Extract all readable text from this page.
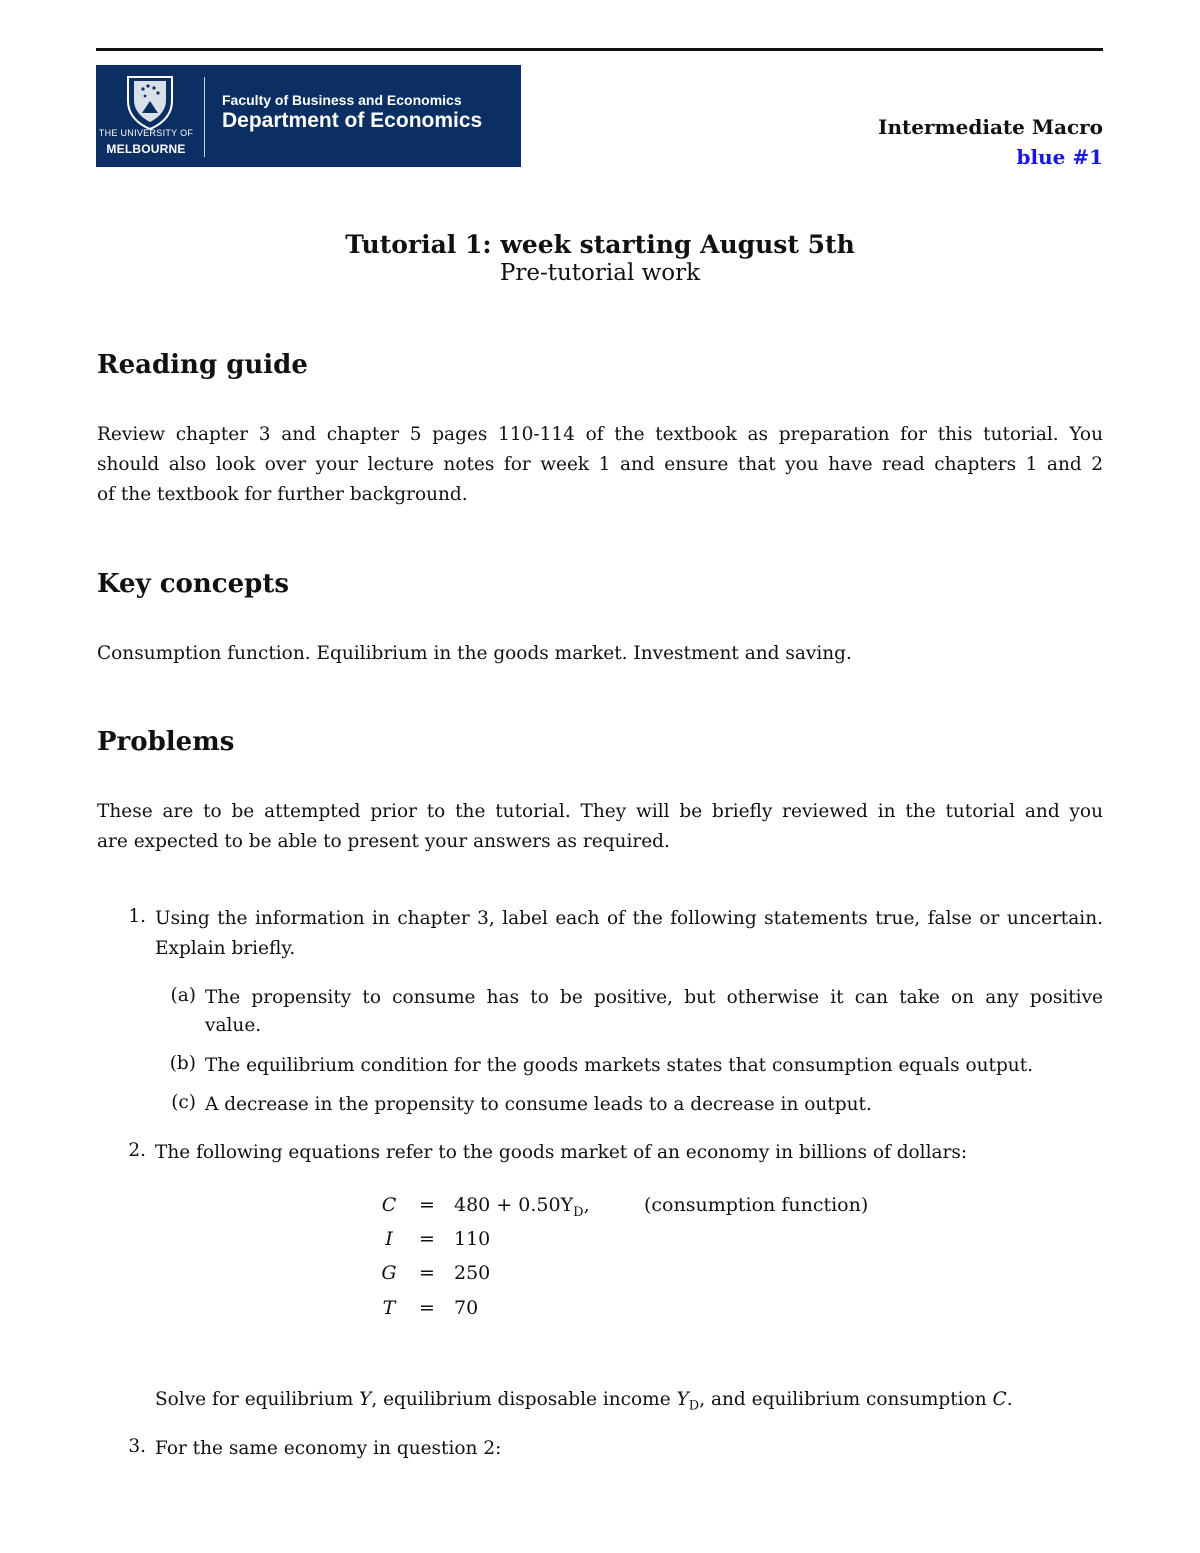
THE UNIVERSITY OF
MELBOURNE
Faculty of Business and Economics
Department of Economics	Intermediate Macro
blue #1
Tutorial 1: week starting August 5th
Pre-tutorial work
Reading guide
Review chapter 3 and chapter 5 pages 110-114 of the textbook as preparation for this tutorial. You
should also look over your lecture notes for week 1 and ensure that you have read chapters 1 and 2
of the textbook for further background.
Key concepts
Consumption function. Equilibrium in the goods market. Investment and saving.
Problems
These are to be attempted prior to the tutorial. They will be briefly reviewed in the tutorial and you
are expected to be able to present your answers as required.
1. Using the information in chapter 3, label each of the following statements true, false or uncertain.
Explain briefly.
(a) The propensity to consume has to be positive, but otherwise it can take on any positive
value.
(b) The equilibrium condition for the goods markets states that consumption equals output.
(c) A decrease in the propensity to consume leads to a decrease in output.
2. The following equations refer to the goods market of an economy in billions of dollars:
C	= $480 + 0.50Y_D$,	(consumption function)
I	= 110
G	= 250
T	= 70
Solve for equilibrium Y, equilibrium disposable income $Y_D$, and equilibrium consumption C.
3. For the same economy in question 2:
